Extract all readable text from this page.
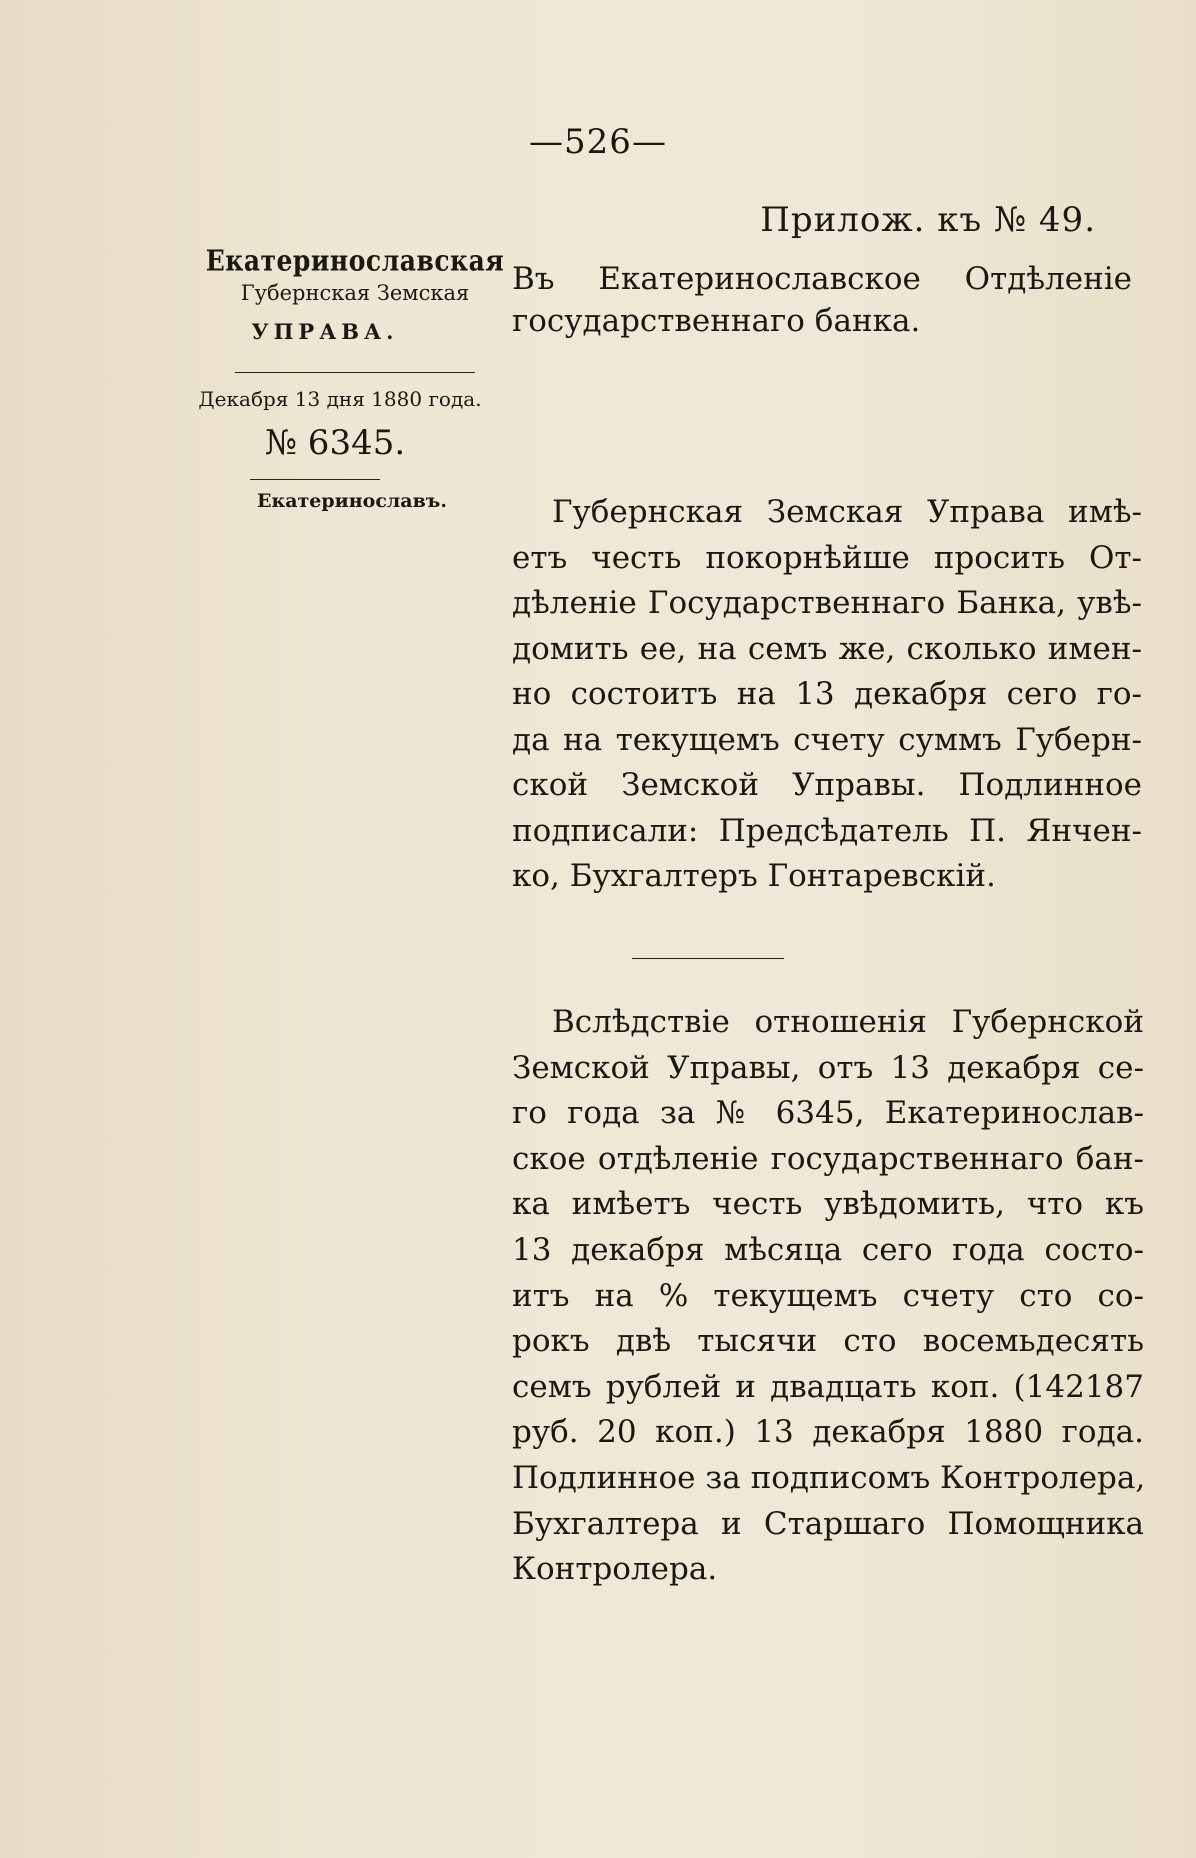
—526—
Прилож. къ № 49.
Екатеринославская
Губернская Земская
УПРАВА.
Декабря 13 дня 1880 года.
№ 6345.
Екатеринославъ.
Въ Екатеринославское Отдѣленіе
государственнаго банка.
Губернская Земская Управа имѣ-
етъ честь покорнѣйше просить От-
дѣленіе Государственнаго Банка, увѣ-
домить ее, на семъ же, сколько имен-
но состоитъ на 13 декабря сего го-
да на текущемъ счету суммъ Губерн-
ской Земской Управы. Подлинное
подписали: Предсѣдатель П. Янчен-
ко, Бухгалтеръ Гонтаревскій.
Вслѣдствіе отношенія Губернской
Земской Управы, отъ 13 декабря се-
го года за № 6345, Екатеринослав-
ское отдѣленіе государственнаго бан-
ка имѣетъ честь увѣдомить, что къ
13 декабря мѣсяца сего года состо-
итъ на % текущемъ счету сто со-
рокъ двѣ тысячи сто восемьдесять
семъ рублей и двадцать коп. (142187
руб. 20 коп.) 13 декабря 1880 года.
Подлинное за подписомъ Контролера,
Бухгалтера и Старшаго Помощника
Контролера.
